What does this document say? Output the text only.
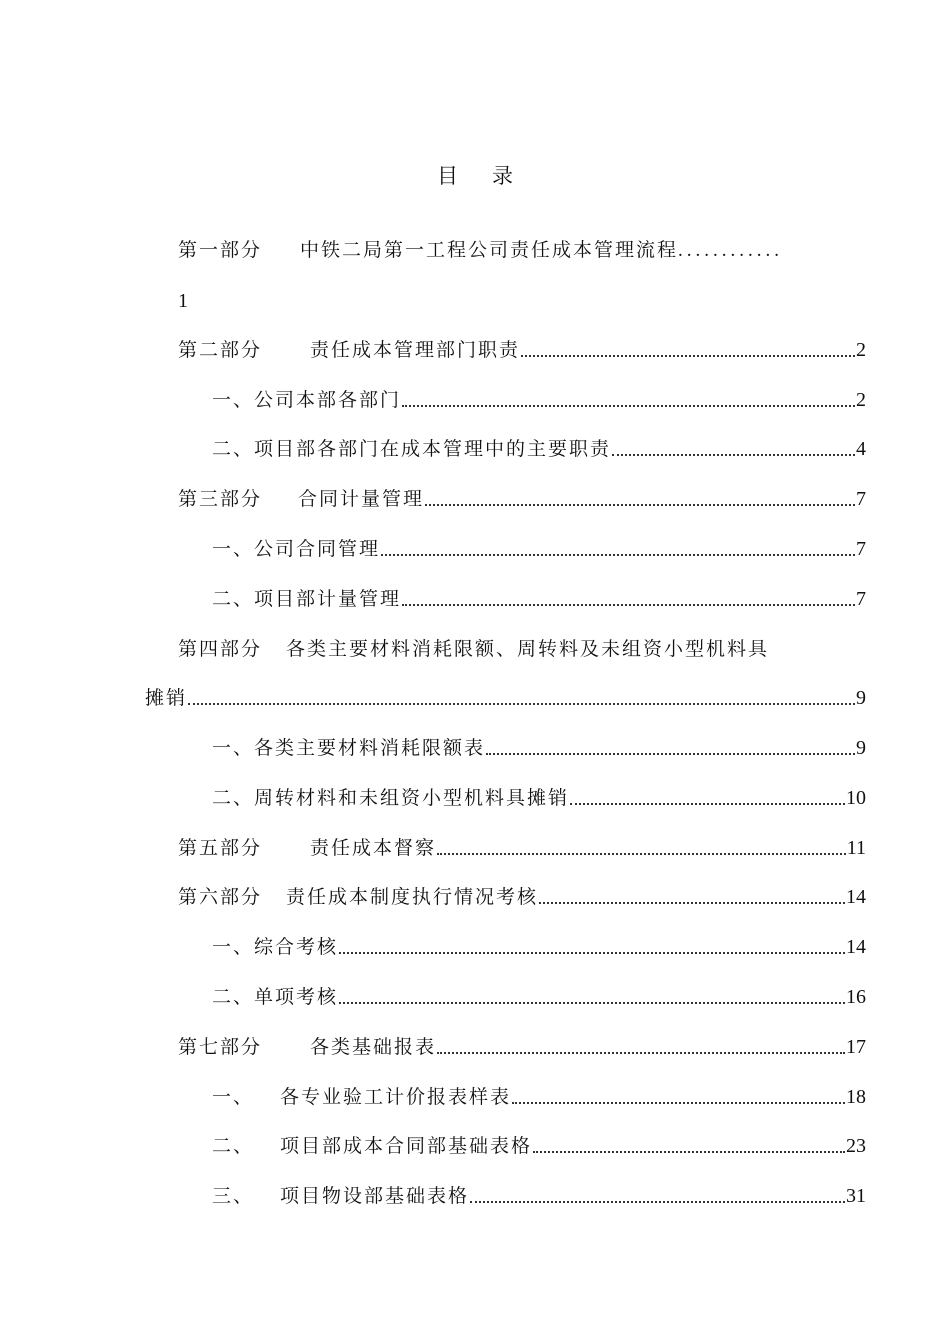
目录
第一部分 中铁二局第一工程公司责任成本管理流程............
1
第二部分	责任成本管理部门职责	2
一、公司本部各部门	2
二、项目部各部门在成本管理中的主要职责	4
第三部分 合同计量管理	7
一、公司合同管理	7
二、项目部计量管理	7
第四部分 各类主要材料消耗限额、周转料及未组资小型机料具
摊销	9
一、各类主要材料消耗限额表	9
二、周转材料和未组资小型机料具摊销	10
第五部分	责任成本督察	11
第六部分 责任成本制度执行情况考核	14
一、综合考核	14
二、单项考核	16
第七部分	各类基础报表	17
一、 各专业验工计价报表样表	18
二、 项目部成本合同部基础表格	23
三、 项目物设部基础表格	31
